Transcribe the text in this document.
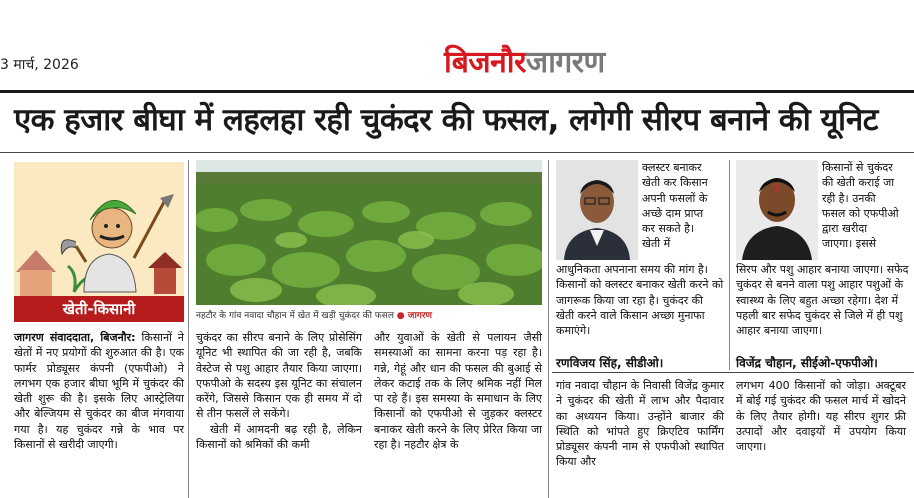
3 मार्च, 2026	बिजनौरजागरण
एक हजार बीघा में लहलहा रही चुकंदर की फसल, लगेगी सीरप बनाने की यूनिट
खेती-किसानी	नहटौर के गांव नवादा चौहान में खेत में खड़ी चुकंदर की फसल ● जागरण
जागरण संवाददाता, बिजनौर: किसानों ने खेतों में नए प्रयोगों की शुरुआत की है। एक फार्मर प्रोड्यूसर कंपनी (एफपीओ) ने लगभग एक हजार बीघा भूमि में चुकंदर की खेती शुरू की है। इसके लिए आस्ट्रेलिया और बेल्जियम से चुकंदर का बीज मंगवाया गया है। यह चुकंदर गन्ने के भाव पर किसानों से खरीदी जाएगी।
चुकंदर का सीरप बनाने के लिए प्रोसेसिंग यूनिट भी स्थापित की जा रही है, जबकि वेस्टेज से पशु आहार तैयार किया जाएगा। एफपीओ के सदस्य इस यूनिट का संचालन करेंगे, जिससे किसान एक ही समय में दो से तीन फसलें ले सकेंगे।
खेती में आमदनी बढ़ रही है, लेकिन किसानों को श्रमिकों की कमी
और युवाओं के खेती से पलायन जैसी समस्याओं का सामना करना पड़ रहा है। गन्ने, गेहूं और धान की फसल की बुआई से लेकर कटाई तक के लिए श्रमिक नहीं मिल पा रहे हैं। इस समस्या के समाधान के लिए किसानों को एफपीओ से जुड़कर क्लस्टर बनाकर खेती करने के लिए प्रेरित किया जा रहा है। नहटौर क्षेत्र के
क्लस्टर बनाकर
खेती कर किसान
अपनी फसलों के
अच्छे दाम प्राप्त
कर सकते है।
खेती में
आधुनिकता अपनाना समय की मांग है। किसानों को क्लस्टर बनाकर खेती करने को जागरूक किया जा रहा है। चुकंदर की खेती करने वाले किसान अच्छा मुनाफा कमाएंगे।
रणविजय सिंह, सीडीओ।
किसानों से चुकंदर
की खेती कराई जा
रही है। उनकी
फसल को एफपीओ
द्वारा खरीदा
जाएगा। इससे
सिरप और पशु आहार बनाया जाएगा। सफेद चुकंदर से बनने वाला पशु आहार पशुओं के स्वास्थ्य के लिए बहुत अच्छा रहेगा। देश में पहली बार सफेद चुकंदर से जिले में ही पशु आहार बनाया जाएगा।
विजेंद्र चौहान, सीईओ-एफपीओ।
गांव नवादा चौहान के निवासी विजेंद्र कुमार ने चुकंदर की खेती में लाभ और पैदावार का अध्ययन किया। उन्होंने बाजार की स्थिति को भांपते हुए क्रिएटिव फार्मिंग प्रोड्यूसर कंपनी नाम से एफपीओ स्थापित किया और
लगभग 400 किसानों को जोड़ा। अक्टूबर में बोई गई चुकंदर की फसल मार्च में खोदने के लिए तैयार होगी। यह सीरप शुगर फ्री उत्पादों और दवाइयों में उपयोग किया जाएगा।
